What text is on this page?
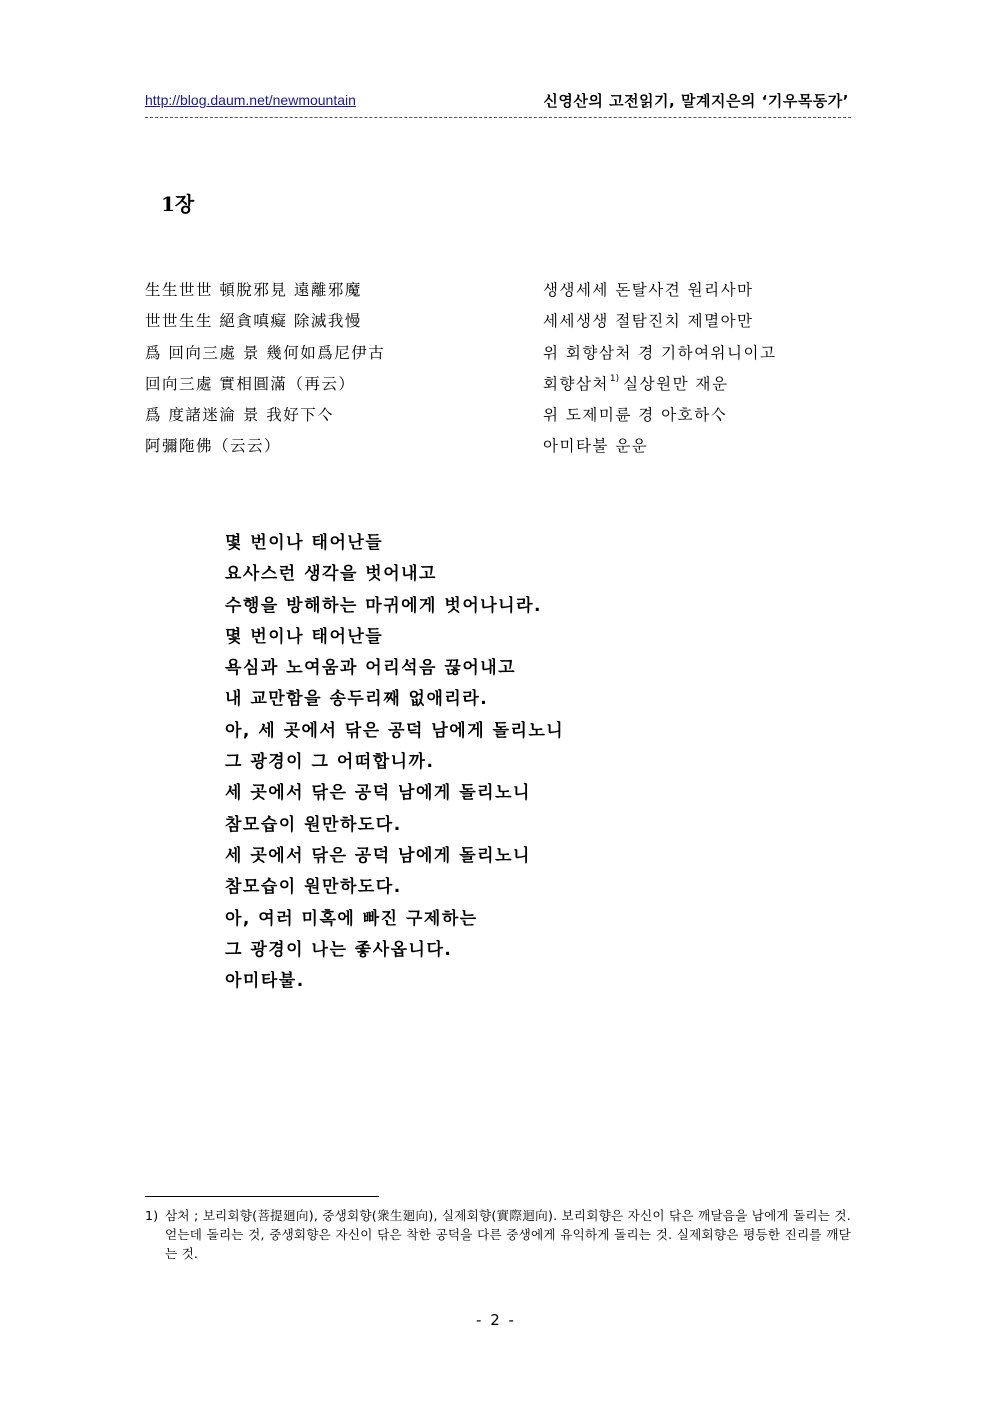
http://blog.daum.net/newmountain	신영산의 고전읽기, 말계지은의 ‘기우목동가’
1장
生生世世 頓脫邪見 遠離邪魔	생생세세 돈탈사견 원리사마
世世生生 絕貪嗔癡 除滅我慢	세세생생 절탐진치 제멸아만
爲 回向三處 景 幾何如爲尼伊古	위 회향삼처 경 기하여위니이고
回向三處 實相圓滿（再云）	회향삼처$^{1)}$ 실상원만 재운
爲 度諸迷淪 景 我好下亽	위 도제미륜 경 아호하亽
阿彌陁佛（云云）	아미타불 운운
몇 번이나 태어난들
요사스런 생각을 벗어내고
수행을 방해하는 마귀에게 벗어나니라.
몇 번이나 태어난들
욕심과 노여움과 어리석음 끊어내고
내 교만함을 송두리째 없애리라.
아, 세 곳에서 닦은 공덕 남에게 돌리노니
그 광경이 그 어떠합니까.
세 곳에서 닦은 공덕 남에게 돌리노니
참모습이 원만하도다.
세 곳에서 닦은 공덕 남에게 돌리노니
참모습이 원만하도다.
아, 여러 미혹에 빠진 구제하는
그 광경이 나는 좋사옵니다.
아미타불.
1) 삼처 ; 보리회향(菩提廻向), 중생회향(衆生廻向), 실제회향(實際迴向). 보리회향은 자신이 닦은 깨달음을 남에게 돌리는 것. 얻는데 돌리는 것, 중생회향은 자신이 닦은 착한 공덕을 다른 중생에게 유익하게 돌리는 것. 실제회향은 평등한 진리를 깨닫는 것.
- 2 -
